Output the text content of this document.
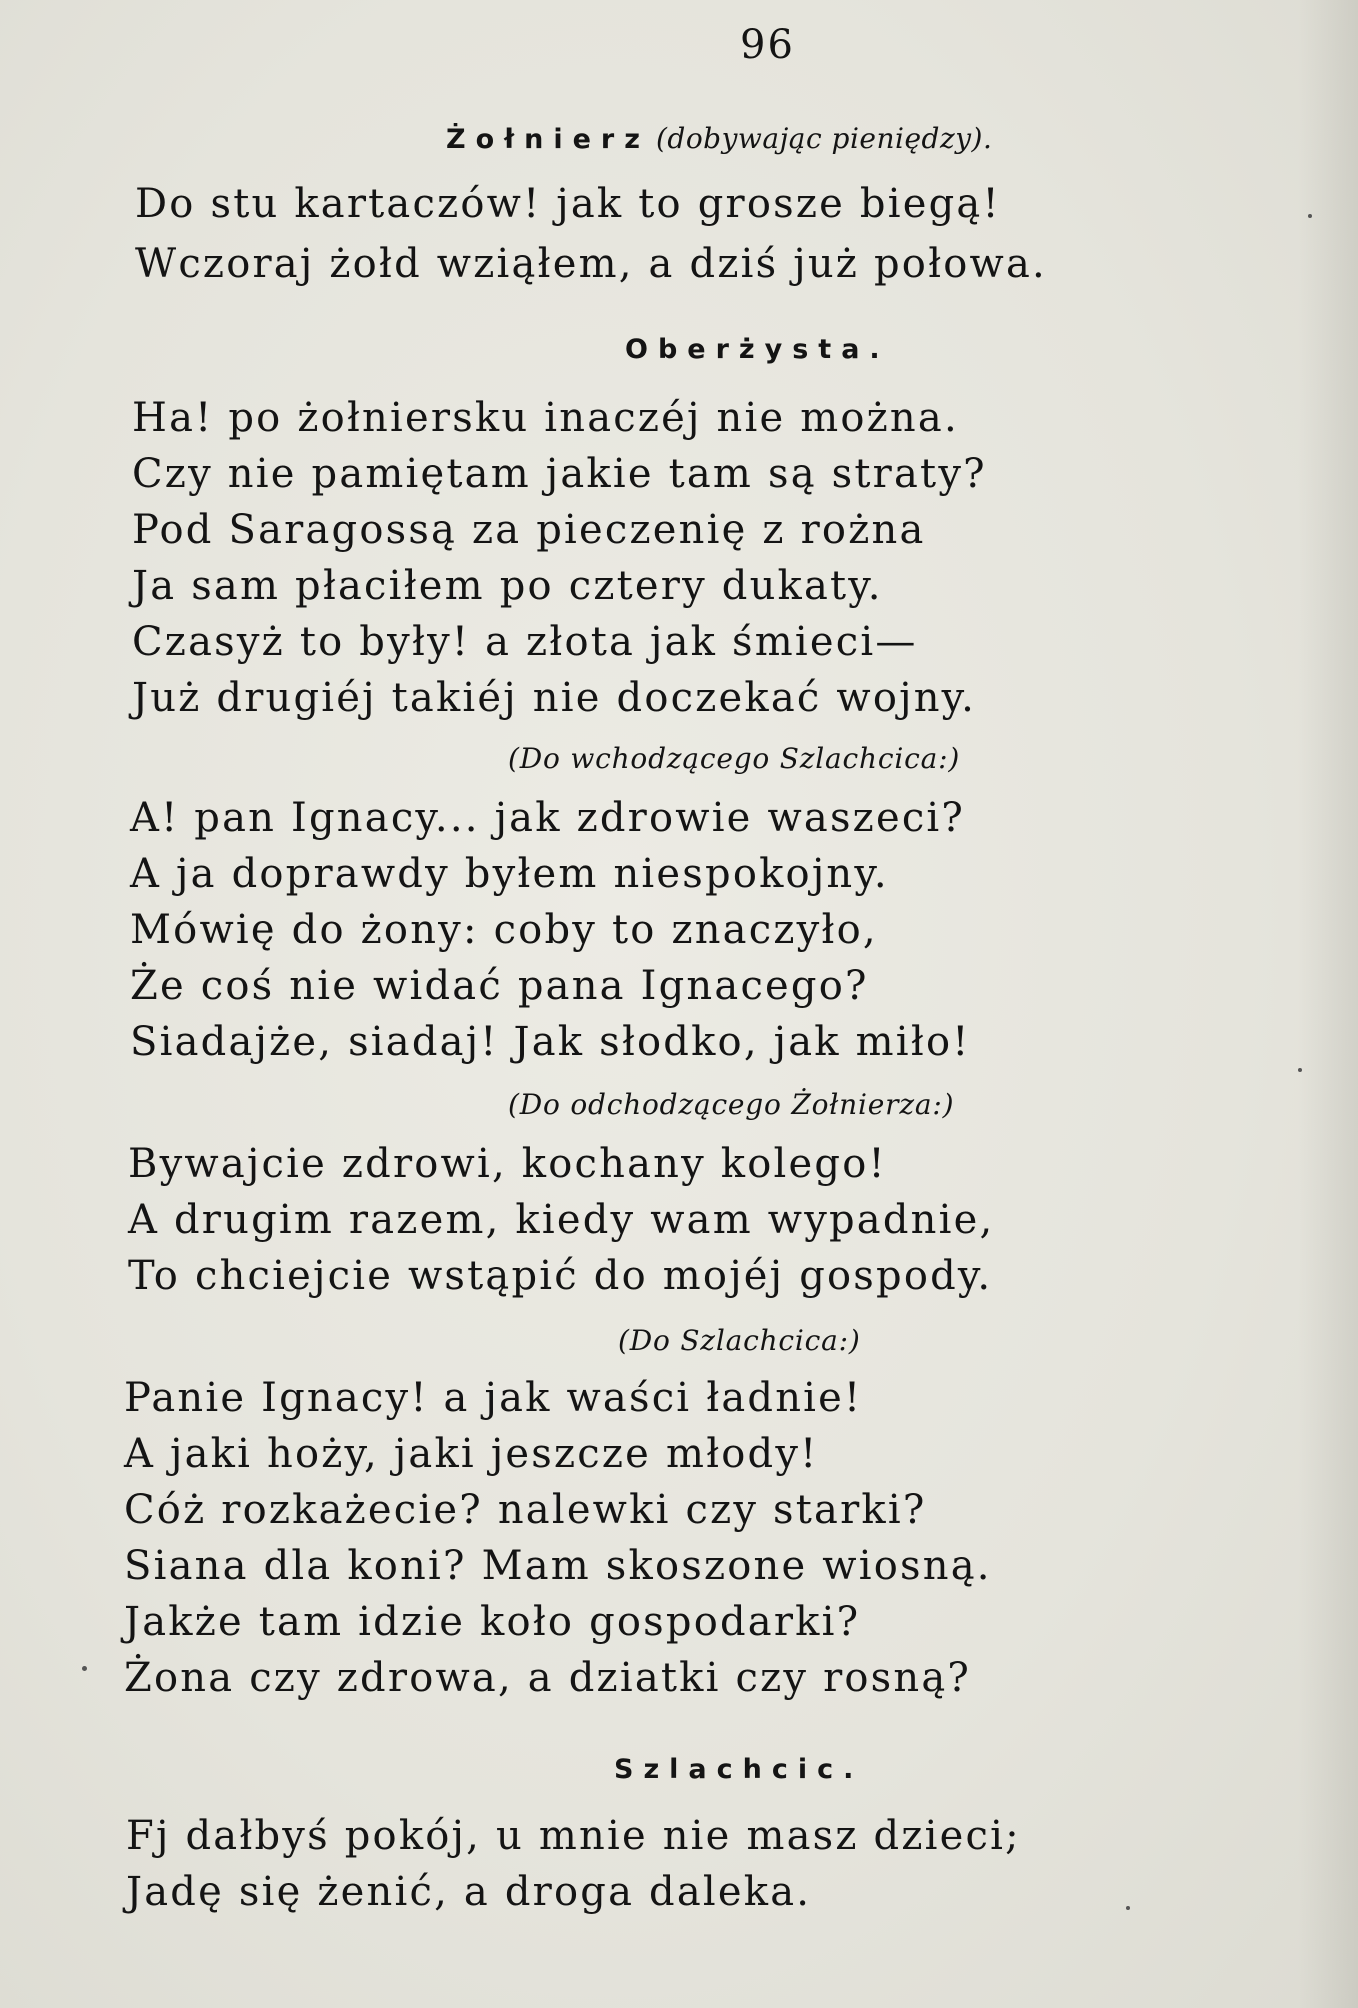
96
Żołnierz (dobywając pieniędzy).
Do stu kartaczów! jak to grosze biegą!
Wczoraj żołd wziąłem, a dziś już połowa.
Oberżysta.
Ha! po żołniersku inaczéj nie można.
Czy nie pamiętam jakie tam są straty?
Pod Saragossą za pieczenię z rożna
Ja sam płaciłem po cztery dukaty.
Czasyż to były! a złota jak śmieci—
Już drugiéj takiéj nie doczekać wojny.
(Do wchodzącego Szlachcica:)
A! pan Ignacy... jak zdrowie waszeci?
A ja doprawdy byłem niespokojny.
Mówię do żony: coby to znaczyło,
Że coś nie widać pana Ignacego?
Siadajże, siadaj! Jak słodko, jak miło!
(Do odchodzącego Żołnierza:)
Bywajcie zdrowi, kochany kolego!
A drugim razem, kiedy wam wypadnie,
To chciejcie wstąpić do mojéj gospody.
(Do Szlachcica:)
Panie Ignacy! a jak waści ładnie!
A jaki hoży, jaki jeszcze młody!
Cóż rozkażecie? nalewki czy starki?
Siana dla koni? Mam skoszone wiosną.
Jakże tam idzie koło gospodarki?
Żona czy zdrowa, a dziatki czy rosną?
Szlachcic.
Fj dałbyś pokój, u mnie nie masz dzieci;
Jadę się żenić, a droga daleka.
